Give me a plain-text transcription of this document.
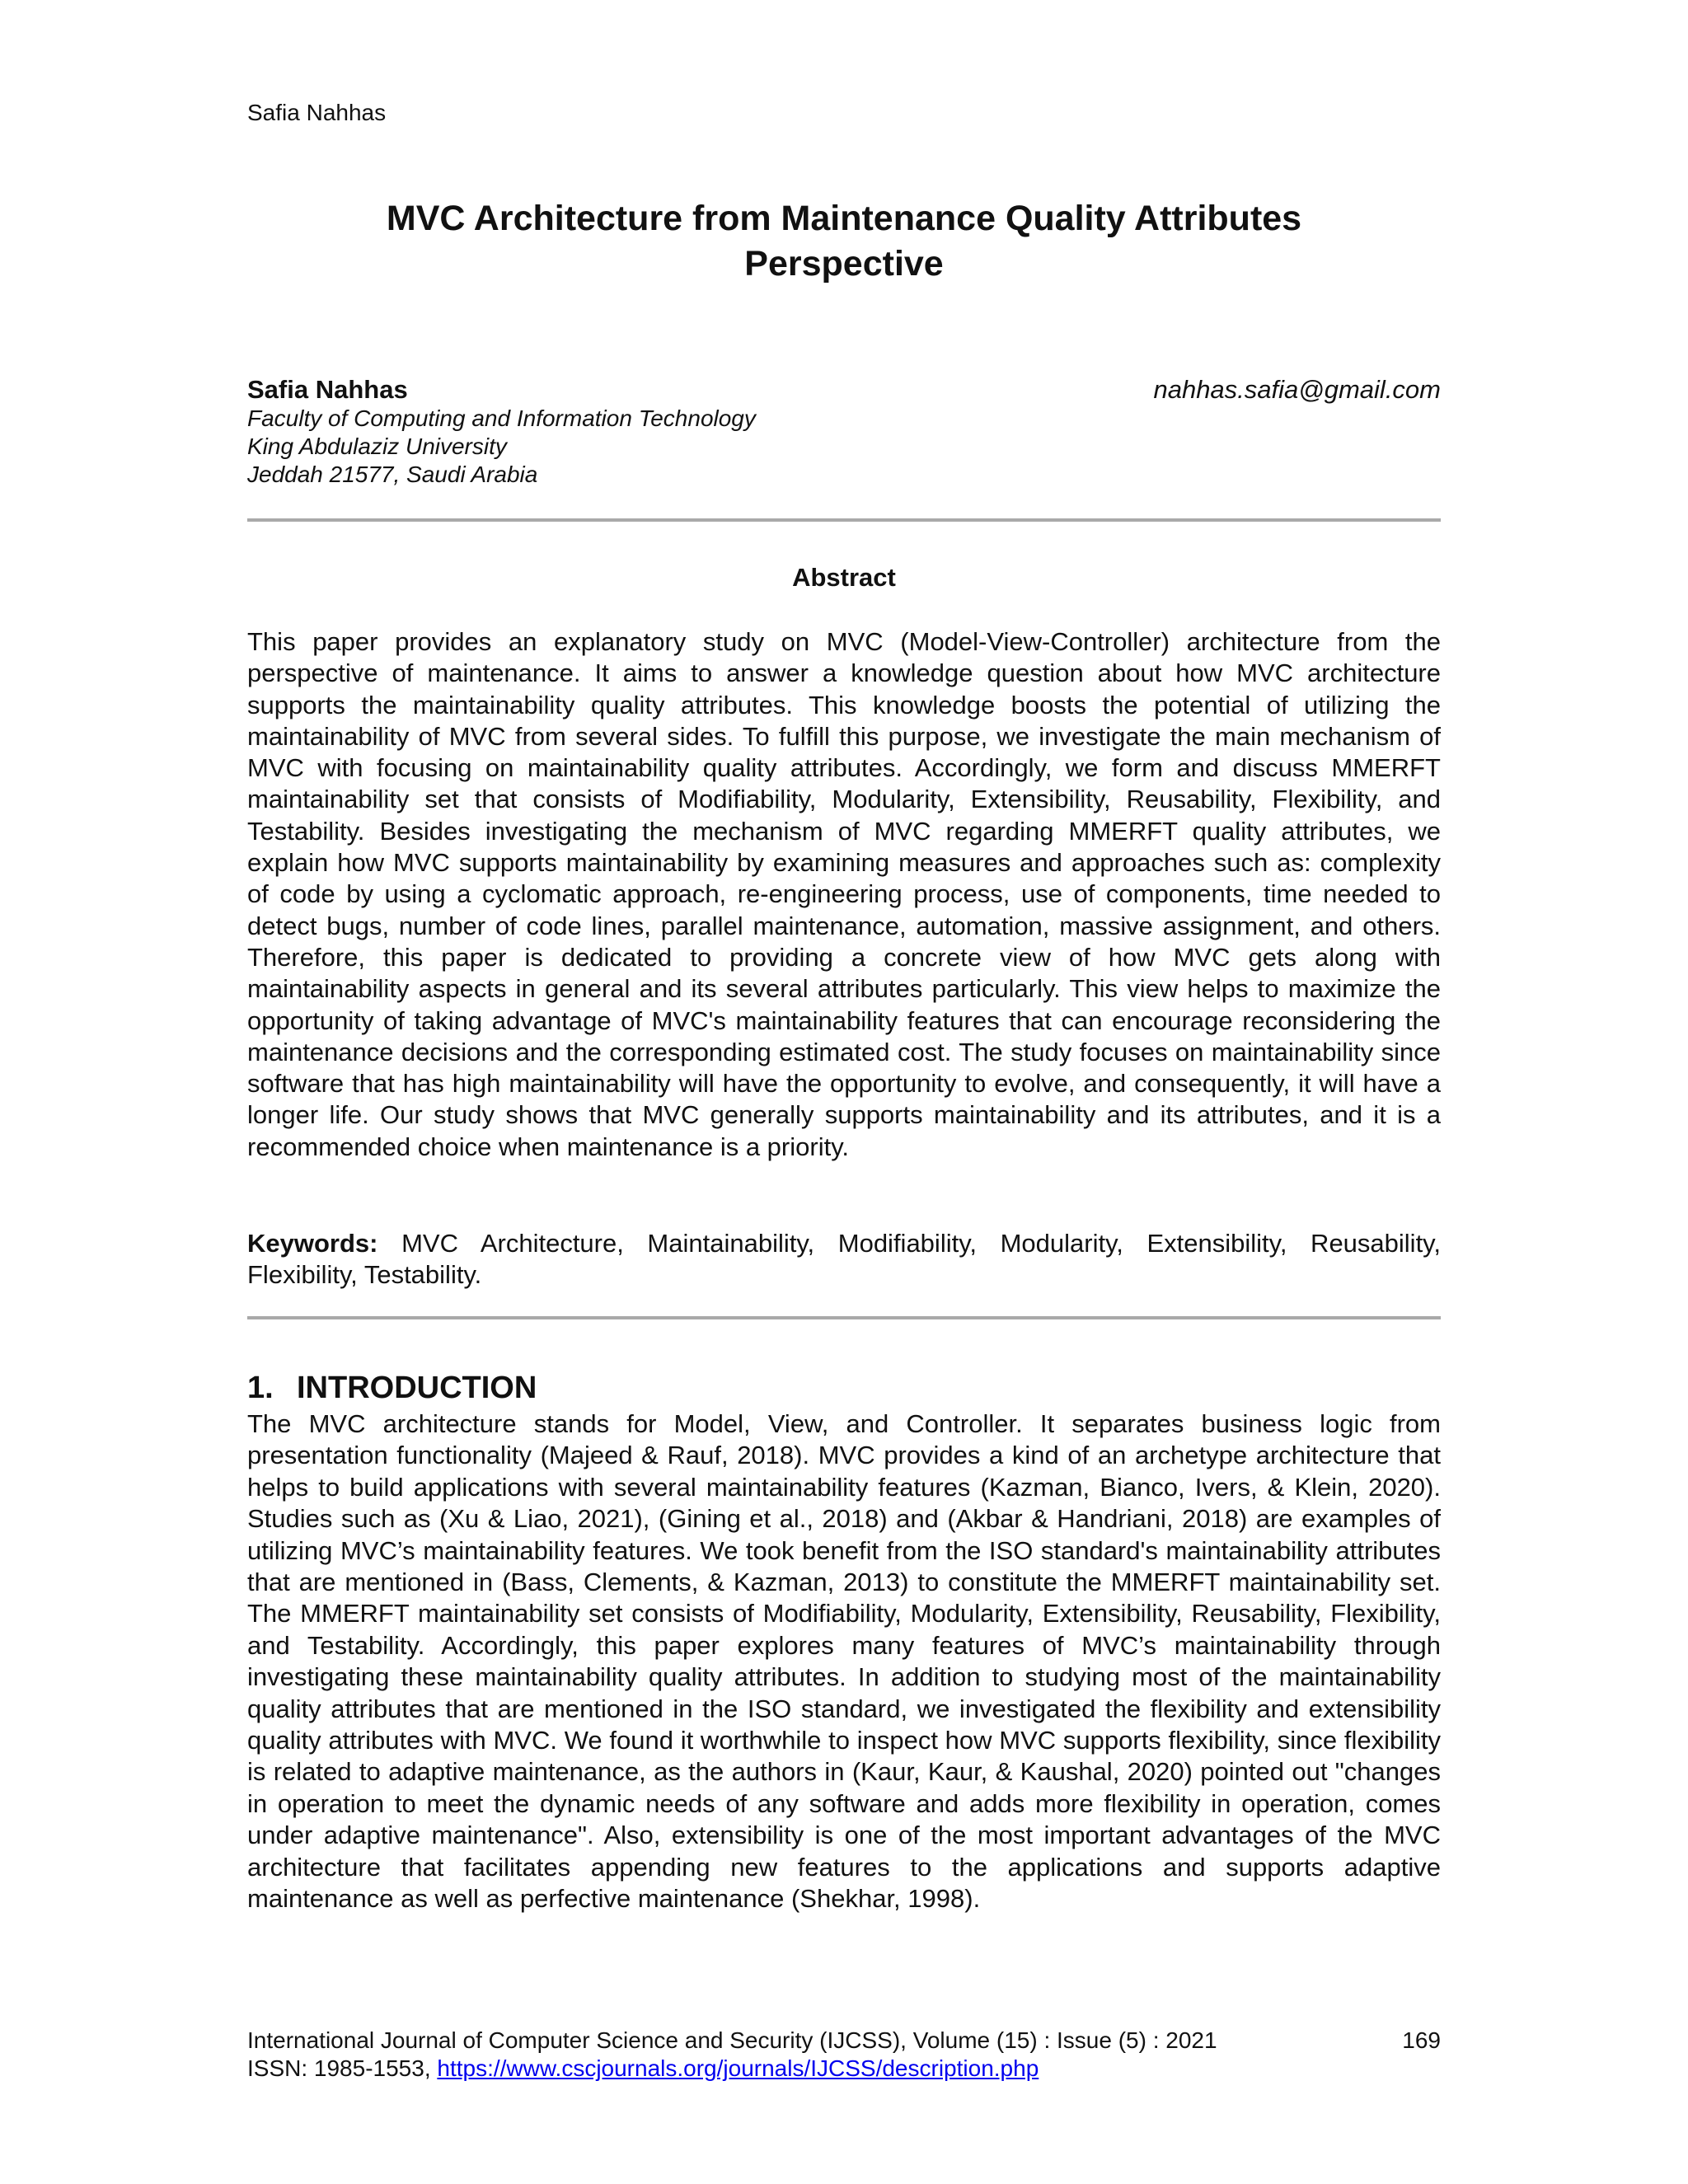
Safia Nahhas
MVC Architecture from Maintenance Quality Attributes
Perspective
Safia Nahhas	nahhas.safia@gmail.com
Faculty of Computing and Information Technology
King Abdulaziz University
Jeddah 21577, Saudi Arabia
Abstract

This paper provides an explanatory study on MVC (Model-View-Controller) architecture from the perspective of maintenance. It aims to answer a knowledge question about how MVC architecture supports the maintainability quality attributes. This knowledge boosts the potential of utilizing the maintainability of MVC from several sides. To fulfill this purpose, we investigate the main mechanism of MVC with focusing on maintainability quality attributes. Accordingly, we form and discuss MMERFT maintainability set that consists of Modifiability, Modularity, Extensibility, Reusability, Flexibility, and Testability. Besides investigating the mechanism of MVC regarding MMERFT quality attributes, we explain how MVC supports maintainability by examining measures and approaches such as: complexity of code by using a cyclomatic approach, re-engineering process, use of components, time needed to detect bugs, number of code lines, parallel maintenance, automation, massive assignment, and others. Therefore, this paper is dedicated to providing a concrete view of how MVC gets along with maintainability aspects in general and its several attributes particularly. This view helps to maximize the opportunity of taking advantage of MVC's maintainability features that can encourage reconsidering the maintenance decisions and the corresponding estimated cost. The study focuses on maintainability since software that has high maintainability will have the opportunity to evolve, and consequently, it will have a longer life. Our study shows that MVC generally supports maintainability and its attributes, and it is a recommended choice when maintenance is a priority.

Keywords: MVC Architecture, Maintainability, Modifiability, Modularity, Extensibility, Reusability, Flexibility, Testability.

1. INTRODUCTION

The MVC architecture stands for Model, View, and Controller. It separates business logic from presentation functionality (Majeed & Rauf, 2018). MVC provides a kind of an archetype architecture that helps to build applications with several maintainability features (Kazman, Bianco, Ivers, & Klein, 2020). Studies such as (Xu & Liao, 2021), (Gining et al., 2018) and (Akbar & Handriani, 2018) are examples of utilizing MVC’s maintainability features. We took benefit from the ISO standard's maintainability attributes that are mentioned in (Bass, Clements, & Kazman, 2013) to constitute the MMERFT maintainability set. The MMERFT maintainability set consists of Modifiability, Modularity, Extensibility, Reusability, Flexibility, and Testability. Accordingly, this paper explores many features of MVC’s maintainability through investigating these maintainability quality attributes. In addition to studying most of the maintainability quality attributes that are mentioned in the ISO standard, we investigated the flexibility and extensibility quality attributes with MVC. We found it worthwhile to inspect how MVC supports flexibility, since flexibility is related to adaptive maintenance, as the authors in (Kaur, Kaur, & Kaushal, 2020) pointed out "changes in operation to meet the dynamic needs of any software and adds more flexibility in operation, comes under adaptive maintenance". Also, extensibility is one of the most important advantages of the MVC architecture that facilitates appending new features to the applications and supports adaptive maintenance as well as perfective maintenance (Shekhar, 1998).

International Journal of Computer Science and Security (IJCSS), Volume (15) : Issue (5) : 2021	169
ISSN: 1985-1553, https://www.cscjournals.org/journals/IJCSS/description.php
